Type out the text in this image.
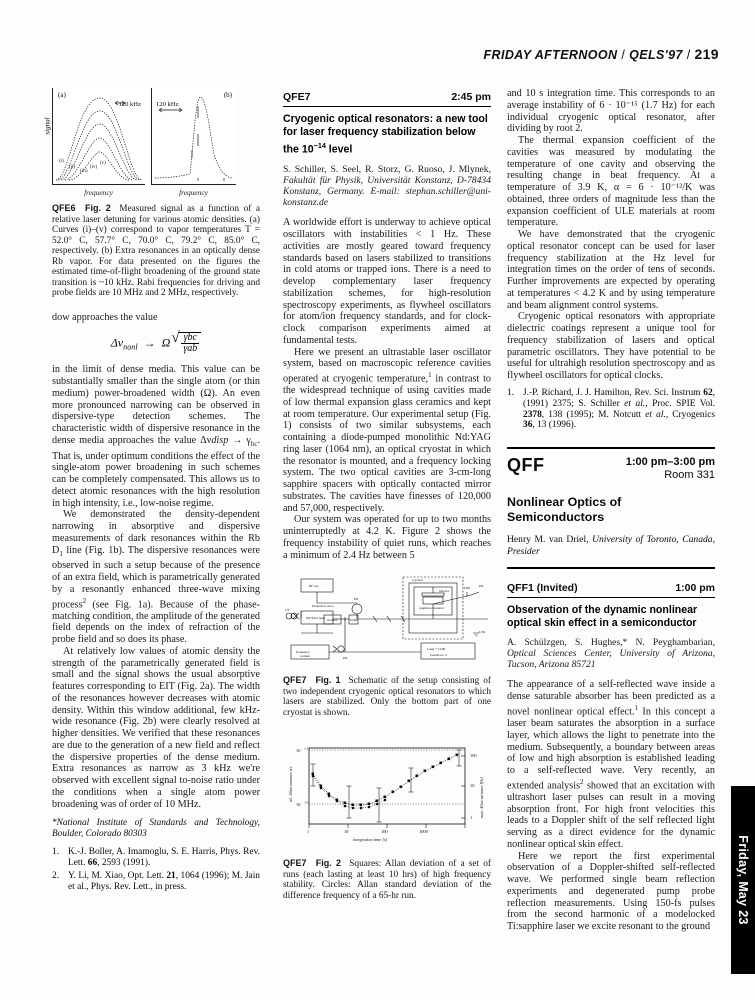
FRIDAY AFTERNOON / QELS'97 / 219
signal
(a)
120 kHz
(i)
(ii)
(iii)
(iv)
(v)
frequency
(b)
120 kHz
frequency
QFE6 Fig. 2 Measured signal as a function of a relative laser detuning for various atomic densities. (a) Curves (i)–(v) correspond to vapor temperatures T = 52.0° C, 57.7° C, 70.0° C, 79.2° C, 85.0° C, respectively. (b) Extra resonances in an optically dense Rb vapor. For data presented on the figures the estimated time-of-flight broadening of the ground state transition is ~10 kHz. Rabi frequencies for driving and probe fields are 10 MHz and 2 MHz, respectively.

dow approaches the value

$\Delta\nu_{nonl} \to \Omega$ √ $\frac{\text{γbc}}{\text{γab}}$

in the limit of dense media. This value can be substantially smaller than the single atom (or thin medium) power-broadened width (Ω). An even more pronounced narrowing can be observed in dispersive-type detection schemes. The characteristic width of dispersive resonance in the dense media approaches the value Δνdisp → $\gamma_{bc}$. That is, under optimum conditions the effect of the single-atom power broadening in such schemes can be completely compensated. This allows us to detect atomic resonances with the high resolution in high intensity, i.e., low-noise regime.

We demonstrated the density-dependent narrowing in absorptive and dispersive measurements of dark resonances within the Rb $D_1$ line (Fig. 1b). The dispersive resonances were observed in such a setup because of the presence of an extra field, which is parametrically generated by a resonantly enhanced three-wave mixing process$^2$ (see Fig. 1a). Because of the phase-matching condition, the amplitude of the generated field depends on the index of refraction of the probe field and so does its phase.

At relatively low values of atomic density the strength of the parametrically generated field is small and the signal shows the usual absorptive features corresponding to EIT (Fig. 2a). The width of the resonances however decreases with atomic density. Within this window additional, few kHz-wide resonance (Fig. 2b) were clearly resolved at higher densities. We verified that these resonances are due to the generation of a new field and reflect the dispersive properties of the dense medium. Extra resonances as narrow as 3 kHz we're observed with excellent signal to-noise ratio under the conditions when a single atom power broadening was of order of 10 MHz.

*National Institute of Standards and Technology, Boulder, Colorado 80303

1. K.-J. Boller, A. Imamoglu, S. E. Harris, Phys. Rev. Lett. 66, 2593 (1991).
2. Y. Li, M. Xiao, Opt. Lett. 21, 1064 (1996); M. Jain et al., Phys. Rev. Lett., in press.
QFE7	2:45 pm
Cryogenic optical resonators: a new tool
for laser frequency stabilization below
the $10^{-14}$ level

S. Schiller, S. Seel, R. Storz, G. Ruoso, J. Mlynek, Fakultät für Physik, Universität Konstanz, D-78434 Konstanz, Germany. E-mail: stephan.schiller@uni-konstanz.de

A worldwide effort is underway to achieve optical oscillators with instabilities < 1 Hz. These activities are mostly geared toward frequency standards based on lasers stabilized to transitions in cold atoms or trapped ions. There is a need to develop complementary laser frequency stabilization schemes, for high-resolution spectroscopy experiments, as flywheel oscillators for atom/ion frequency standards, and for clock-clock comparison experiments aimed at fundamental tests.

Here we present an ultrastable laser oscillator system, based on macroscopic reference cavities operated at cryogenic temperature,$^1$ in contrast to the widespread technique of using cavities made of low thermal expansion glass ceramics and kept at room temperature. Our experimental setup (Fig. 1) consists of two similar subsystems, each containing a diode-pumped monolithic Nd:YAG ring laser (1064 nm), an optical cryostat in which the resonator is mounted, and a frequency locking system. The two optical cavities are 3-cm-long sapphire spacers with optically contacted mirror substrates. The cavities have finesses of 120,000 and 57,000, respectively.

Our system was operated for up to two months uninterruptedly at 4.2 K. Figure 2 shows the frequency instability of quiet runs, which reaches a minimum of 2.4 Hz between 5

RF osc.
Nd:YAG laser
frequency
counter
isolator	EOM
PD
cryostat
sapphire resonator
Laser + COR
system no. 2
LHe
LN2
PD
frequency servo
PD
mirrors
λ/2
QFE7 Fig. 1 Schematic of the setup consisting of two independent cryogenic optical resonators to which lasers are stabilized. Only the bottom part of one cryostat is shown.
10 -13
10 -14
1	10	100	1000
100
10
1
integration time [s]
rel. Allan variance σ/ν	nom. Allan variance [Hz]
QFE7 Fig. 2 Squares: Allan deviation of a set of runs (each lasting at least 10 hrs) of high frequency stability. Circles: Allan standard deviation of the difference frequency of a 65-hr run.

and 10 s integration time. This corresponds to an average instability of 6 · 10⁻¹⁵ (1.7 Hz) for each individual cryogenic optical resonator, after dividing by root 2.

The thermal expansion coefficient of the cavities was measured by modulating the temperature of one cavity and observing the resulting change in beat frequency. At a temperature of 3.9 K, α = 6 · 10⁻¹²/K was obtained, three orders of magnitude less than the expansion coefficient of ULE materials at room temperature.

We have demonstrated that the cryogenic optical resonator concept can be used for laser frequency stabilization at the Hz level for integration times on the order of tens of seconds. Further improvements are expected by operating at temperatures < 4.2 K and by using temperature and beam alignment control systems.

Cryogenic optical resonators with appropriate dielectric coatings represent a unique tool for frequency stabilization of lasers and optical parametric oscillators. They have potential to be useful for ultrahigh resolution spectroscopy and as flywheel oscillators for optical clocks.

1. J.-P. Richard, J. J. Hamilton, Rev. Sci. Instrum 62, (1991) 2375; S. Schiller et al., Proc. SPIE Vol. 2378, 138 (1995); M. Notcutt et al., Cryogenics 36, 13 (1996).
QFF	1:00 pm–3:00 pm
Room 331
Nonlinear Optics of
Semiconductors

Henry M. van Driel, University of Toronto, Canada, Presider

QFF1 (Invited)	1:00 pm
Observation of the dynamic nonlinear
optical skin effect in a semiconductor

A. Schülzgen, S. Hughes,* N. Peyghambarian, Optical Sciences Center, University of Arizona, Tucson, Arizona 85721

The appearance of a self-reflected wave inside a dense saturable absorber has been predicted as a novel nonlinear optical effect.$^1$ In this concept a laser beam saturates the absorption in a surface layer, which allows the light to penetrate into the medium. Subsequently, a boundary between areas of low and high absorption is established leading to a self-reflected wave. Very recently, an extended analysis$^2$ showed that an excitation with ultrashort laser pulses can result in a moving absorption front. For high front velocities this leads to a Doppler shift of the self reflected light serving as a direct evidence for the dynamic nonlinear optical skin effect.

Here we report the first experimental observation of a Doppler-shifted self-reflected wave. We performed single beam reflection experiments and degenerated pump probe reflection measurements. Using 150-fs pulses from the second harmonic of a modelocked Ti:sapphire laser we excite resonant to the ground

Friday, May 23
